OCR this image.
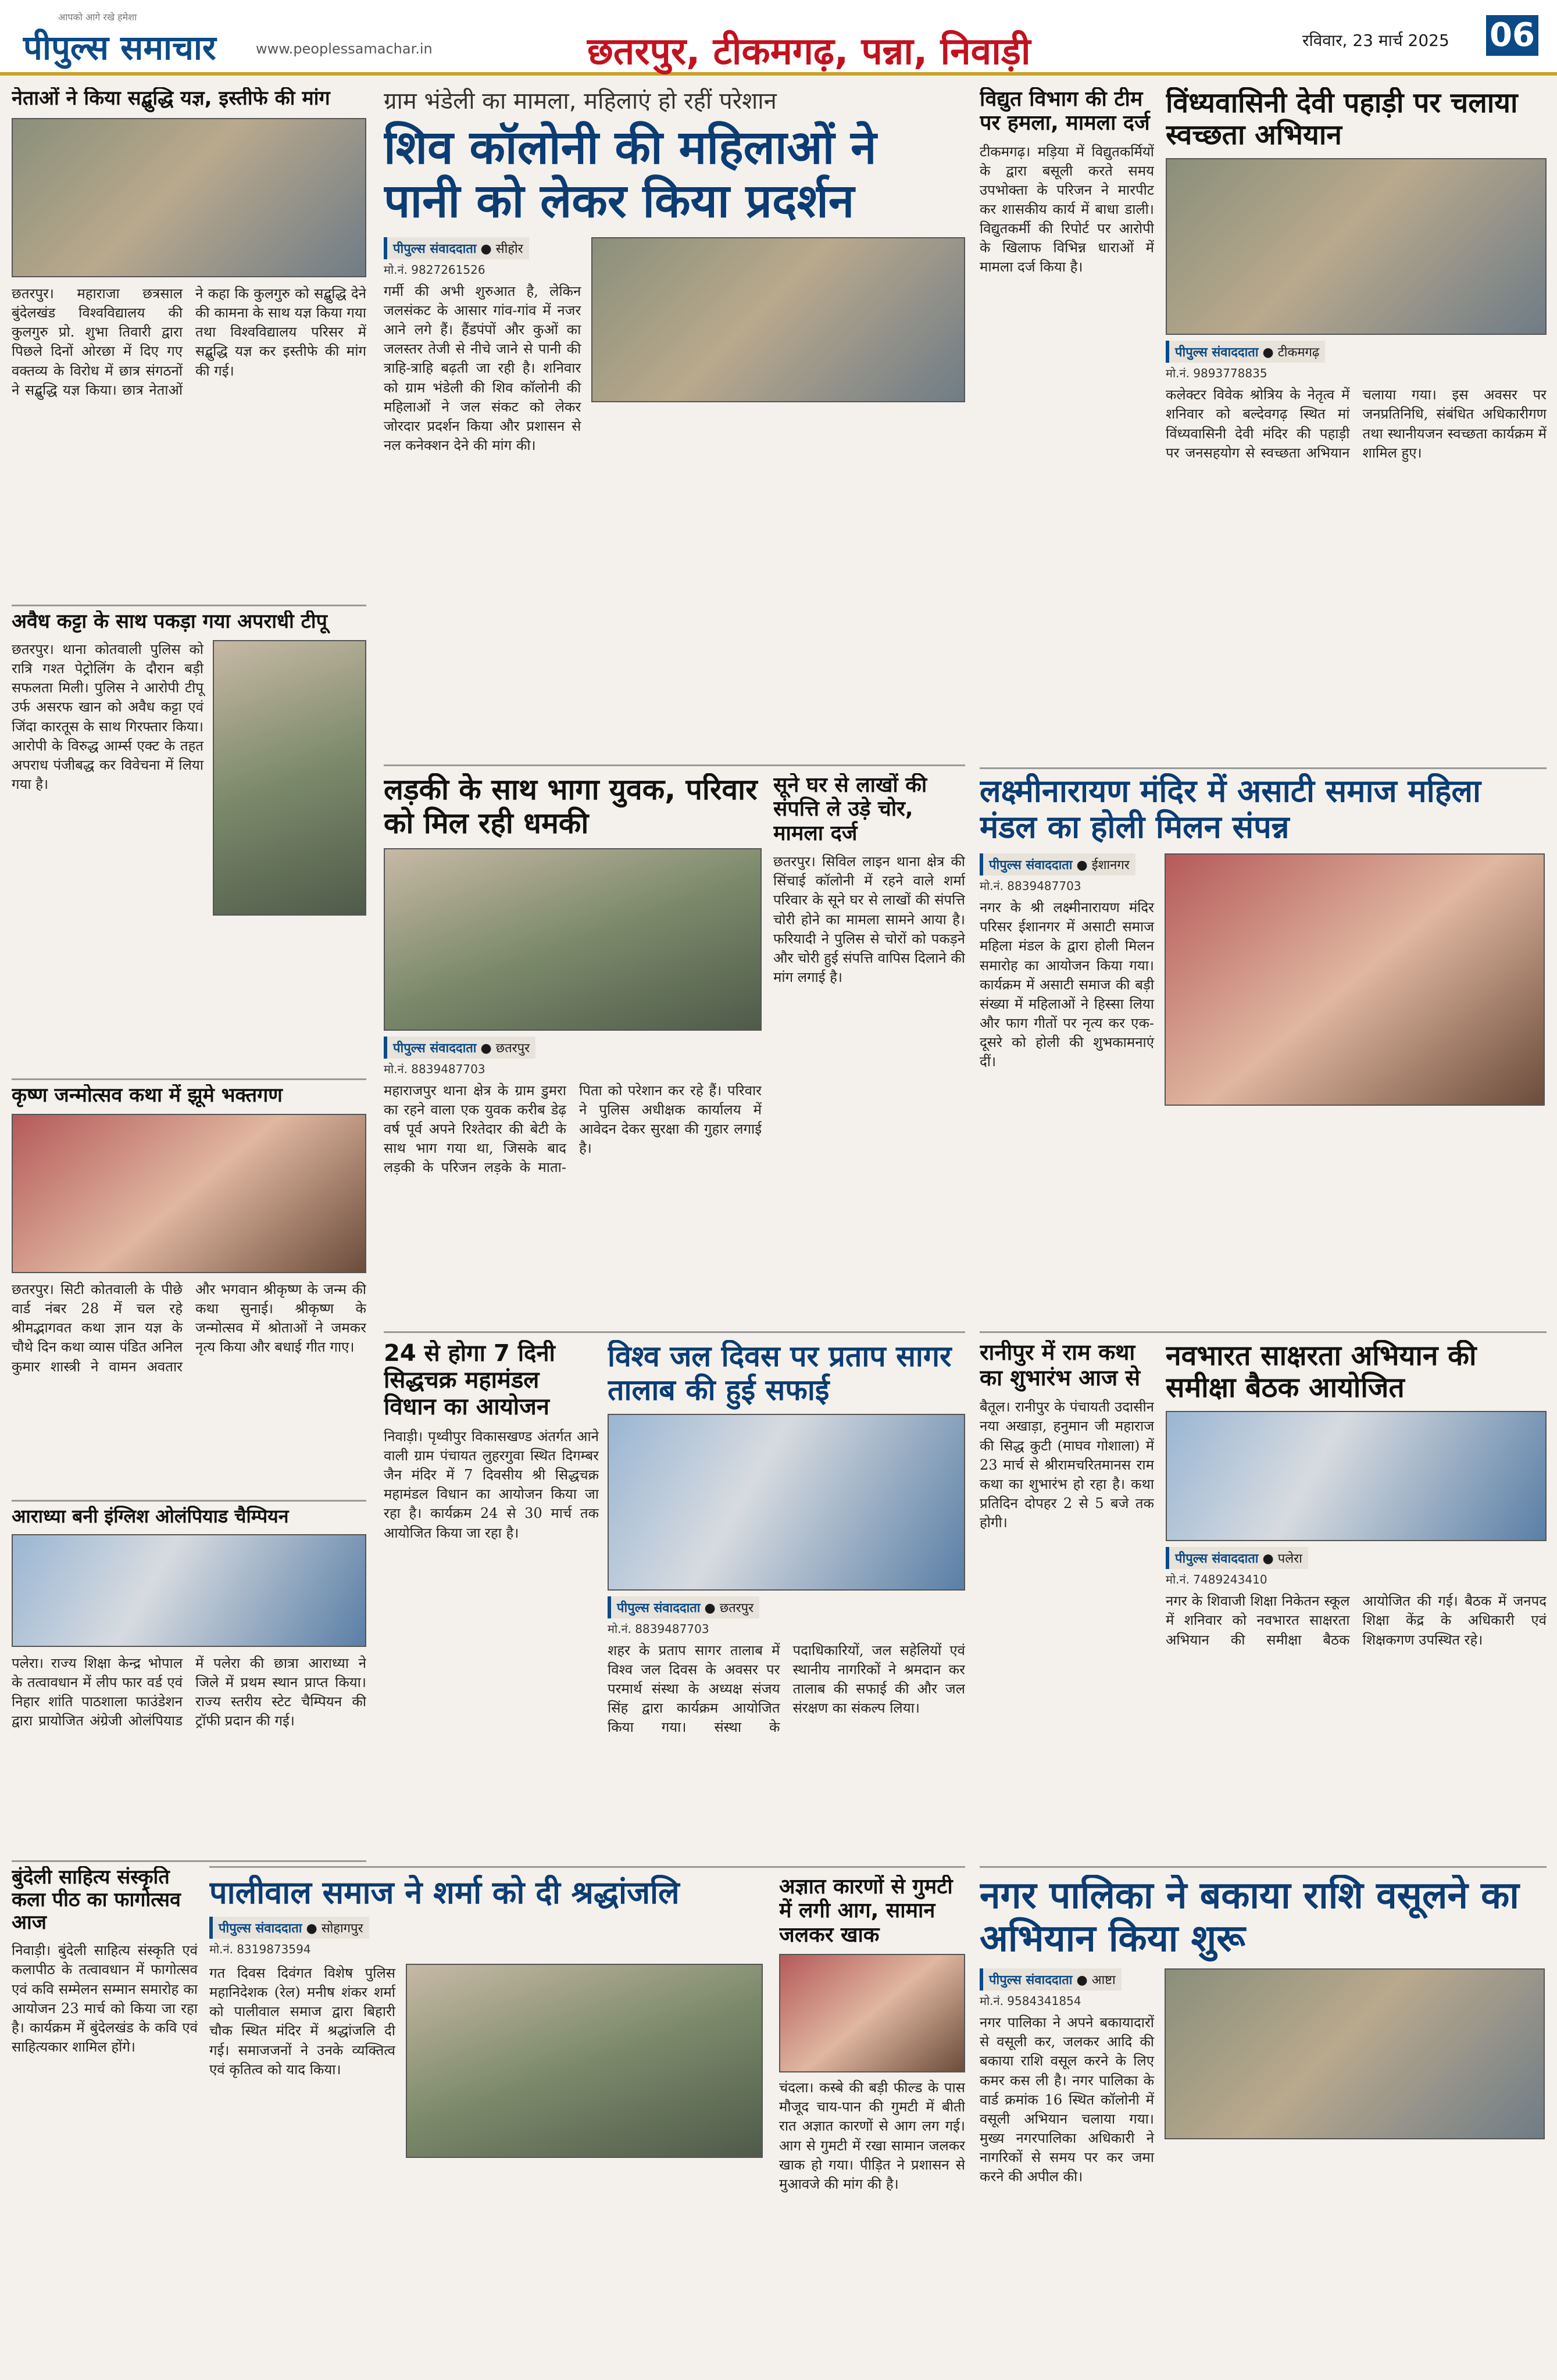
आपको आगे रखे हमेशा
पीपुल्स समाचार	www.peoplessamachar.in	छतरपुर, टीकमगढ़, पन्ना, निवाड़ी	रविवार, 23 मार्च 2025 06
नेताओं ने किया सद्बुद्धि यज्ञ, इस्तीफे की मांग
छतरपुर। महाराजा छत्रसाल बुंदेलखंड विश्वविद्यालय की कुलगुरु प्रो. शुभा तिवारी द्वारा पिछले दिनों ओरछा में दिए गए वक्तव्य के विरोध में छात्र संगठनों ने सद्बुद्धि यज्ञ किया। छात्र नेताओं ने कहा कि कुलगुरु को सद्बुद्धि देने की कामना के साथ यज्ञ किया गया तथा विश्वविद्यालय परिसर में सद्बुद्धि यज्ञ कर इस्तीफे की मांग की गई।
अवैध कट्टा के साथ पकड़ा गया अपराधी टीपू
छतरपुर। थाना कोतवाली पुलिस को रात्रि गश्त पेट्रोलिंग के दौरान बड़ी सफलता मिली। पुलिस ने आरोपी टीपू उर्फ असरफ खान को अवैध कट्टा एवं जिंदा कारतूस के साथ गिरफ्तार किया। आरोपी के विरुद्ध आर्म्स एक्ट के तहत अपराध पंजीबद्ध कर विवेचना में लिया गया है।
कृष्ण जन्मोत्सव कथा में झूमे भक्तगण
छतरपुर। सिटी कोतवाली के पीछे वार्ड नंबर 28 में चल रहे श्रीमद्भागवत कथा ज्ञान यज्ञ के चौथे दिन कथा व्यास पंडित अनिल कुमार शास्त्री ने वामन अवतार और भगवान श्रीकृष्ण के जन्म की कथा सुनाई। श्रीकृष्ण के जन्मोत्सव में श्रोताओं ने जमकर नृत्य किया और बधाई गीत गाए।
आराध्या बनी इंग्लिश ओलंपियाड चैम्पियन
पलेरा। राज्य शिक्षा केन्द्र भोपाल के तत्वावधान में लीप फार वर्ड एवं निहार शांति पाठशाला फाउंडेशन द्वारा प्रायोजित अंग्रेजी ओलंपियाड में पलेरा की छात्रा आराध्या ने जिले में प्रथम स्थान प्राप्त किया। राज्य स्तरीय स्टेट चैम्पियन की ट्रॉफी प्रदान की गई।
बुंदेली साहित्य संस्कृति कला पीठ का फागोत्सव आज
निवाड़ी। बुंदेली साहित्य संस्कृति एवं कलापीठ के तत्वावधान में फागोत्सव एवं कवि सम्मेलन सम्मान समारोह का आयोजन 23 मार्च को किया जा रहा है। कार्यक्रम में बुंदेलखंड के कवि एवं साहित्यकार शामिल होंगे।
ग्राम भंडेली का मामला, महिलाएं हो रहीं परेशान
शिव कॉलोनी की महिलाओं ने पानी को लेकर किया प्रदर्शन
पीपुल्स संवाददाता ● सीहोर
मो.नं. 9827261526
गर्मी की अभी शुरुआत है, लेकिन जलसंकट के आसार गांव-गांव में नजर आने लगे हैं। हैंडपंपों और कुओं का जलस्तर तेजी से नीचे जाने से पानी की त्राहि-त्राहि बढ़ती जा रही है। शनिवार को ग्राम भंडेली की शिव कॉलोनी की महिलाओं ने जल संकट को लेकर जोरदार प्रदर्शन किया और प्रशासन से नल कनेक्शन देने की मांग की।
लड़की के साथ भागा युवक, परिवार को मिल रही धमकी
पीपुल्स संवाददाता ● छतरपुर
मो.नं. 8839487703
महाराजपुर थाना क्षेत्र के ग्राम डुमरा का रहने वाला एक युवक करीब डेढ़ वर्ष पूर्व अपने रिश्तेदार की बेटी के साथ भाग गया था, जिसके बाद लड़की के परिजन लड़के के माता-पिता को परेशान कर रहे हैं। परिवार ने पुलिस अधीक्षक कार्यालय में आवेदन देकर सुरक्षा की गुहार लगाई है।
सूने घर से लाखों की संपत्ति ले उड़े चोर, मामला दर्ज
छतरपुर। सिविल लाइन थाना क्षेत्र की सिंचाई कॉलोनी में रहने वाले शर्मा परिवार के सूने घर से लाखों की संपत्ति चोरी होने का मामला सामने आया है। फरियादी ने पुलिस से चोरों को पकड़ने और चोरी हुई संपत्ति वापिस दिलाने की मांग लगाई है।
24 से होगा 7 दिनी सिद्धचक्र महामंडल विधान का आयोजन
निवाड़ी। पृथ्वीपुर विकासखण्ड अंतर्गत आने वाली ग्राम पंचायत लुहरगुवा स्थित दिगम्बर जैन मंदिर में 7 दिवसीय श्री सिद्धचक्र महामंडल विधान का आयोजन किया जा रहा है। कार्यक्रम 24 से 30 मार्च तक आयोजित किया जा रहा है।
विश्व जल दिवस पर प्रताप सागर तालाब की हुई सफाई
पीपुल्स संवाददाता ● छतरपुर
मो.नं. 8839487703
शहर के प्रताप सागर तालाब में विश्व जल दिवस के अवसर पर परमार्थ संस्था के अध्यक्ष संजय सिंह द्वारा कार्यक्रम आयोजित किया गया। संस्था के पदाधिकारियों, जल सहेलियों एवं स्थानीय नागरिकों ने श्रमदान कर तालाब की सफाई की और जल संरक्षण का संकल्प लिया।
पालीवाल समाज ने शर्मा को दी श्रद्धांजलि
पीपुल्स संवाददाता ● सोहागपुर
मो.नं. 8319873594
गत दिवस दिवंगत विशेष पुलिस महानिदेशक (रेल) मनीष शंकर शर्मा को पालीवाल समाज द्वारा बिहारी चौक स्थित मंदिर में श्रद्धांजलि दी गई। समाजजनों ने उनके व्यक्तित्व एवं कृतित्व को याद किया।
अज्ञात कारणों से गुमटी में लगी आग, सामान जलकर खाक
चंदला। कस्बे की बड़ी फील्ड के पास मौजूद चाय-पान की गुमटी में बीती रात अज्ञात कारणों से आग लग गई। आग से गुमटी में रखा सामान जलकर खाक हो गया। पीड़ित ने प्रशासन से मुआवजे की मांग की है।
विद्युत विभाग की टीम पर हमला, मामला दर्ज
टीकमगढ़। मड़िया में विद्युतकर्मियों के द्वारा बसूली करते समय उपभोक्ता के परिजन ने मारपीट कर शासकीय कार्य में बाधा डाली। विद्युतकर्मी की रिपोर्ट पर आरोपी के खिलाफ विभिन्न धाराओं में मामला दर्ज किया है।
विंध्यवासिनी देवी पहाड़ी पर चलाया स्वच्छता अभियान
पीपुल्स संवाददाता ● टीकमगढ़
मो.नं. 9893778835
कलेक्टर विवेक श्रोत्रिय के नेतृत्व में शनिवार को बल्देवगढ़ स्थित मां विंध्यवासिनी देवी मंदिर की पहाड़ी पर जनसहयोग से स्वच्छता अभियान चलाया गया। इस अवसर पर जनप्रतिनिधि, संबंधित अधिकारीगण तथा स्थानीयजन स्वच्छता कार्यक्रम में शामिल हुए।
लक्ष्मीनारायण मंदिर में असाटी समाज महिला मंडल का होली मिलन संपन्न
पीपुल्स संवाददाता ● ईशानगर
मो.नं. 8839487703
नगर के श्री लक्ष्मीनारायण मंदिर परिसर ईशानगर में असाटी समाज महिला मंडल के द्वारा होली मिलन समारोह का आयोजन किया गया। कार्यक्रम में असाटी समाज की बड़ी संख्या में महिलाओं ने हिस्सा लिया और फाग गीतों पर नृत्य कर एक-दूसरे को होली की शुभकामनाएं दीं।
रानीपुर में राम कथा का शुभारंभ आज से
बैतूल। रानीपुर के पंचायती उदासीन नया अखाड़ा, हनुमान जी महाराज की सिद्ध कुटी (माघव गोशाला) में 23 मार्च से श्रीरामचरितमानस राम कथा का शुभारंभ हो रहा है। कथा प्रतिदिन दोपहर 2 से 5 बजे तक होगी।
नवभारत साक्षरता अभियान की समीक्षा बैठक आयोजित
पीपुल्स संवाददाता ● पलेरा
मो.नं. 7489243410
नगर के शिवाजी शिक्षा निकेतन स्कूल में शनिवार को नवभारत साक्षरता अभियान की समीक्षा बैठक आयोजित की गई। बैठक में जनपद शिक्षा केंद्र के अधिकारी एवं शिक्षकगण उपस्थित रहे।
नगर पालिका ने बकाया राशि वसूलने का अभियान किया शुरू
पीपुल्स संवाददाता ● आष्टा
मो.नं. 9584341854
नगर पालिका ने अपने बकायादारों से वसूली कर, जलकर आदि की बकाया राशि वसूल करने के लिए कमर कस ली है। नगर पालिका के वार्ड क्रमांक 16 स्थित कॉलोनी में वसूली अभियान चलाया गया। मुख्य नगरपालिका अधिकारी ने नागरिकों से समय पर कर जमा करने की अपील की।
